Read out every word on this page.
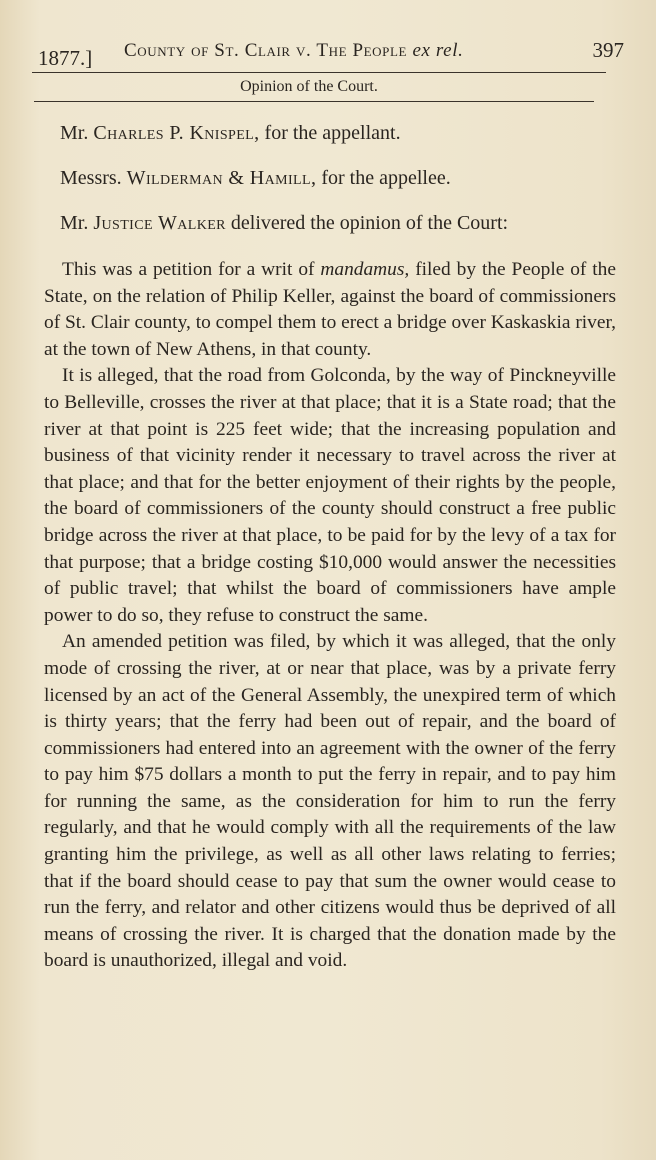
1877.] County of St. Clair v. The People ex rel.	397
Opinion of the Court.
Mr. Charles P. Knispel, for the appellant.
Messrs. Wilderman & Hamill, for the appellee.
Mr. Justice Walker delivered the opinion of the Court:

This was a petition for a writ of mandamus, filed by the People of the State, on the relation of Philip Keller, against the board of commissioners of St. Clair county, to compel them to erect a bridge over Kaskaskia river, at the town of New Athens, in that county.

It is alleged, that the road from Golconda, by the way of Pinckneyville to Belleville, crosses the river at that place; that it is a State road; that the river at that point is 225 feet wide; that the increasing population and business of that vicinity render it necessary to travel across the river at that place; and that for the better enjoyment of their rights by the people, the board of commissioners of the county should construct a free public bridge across the river at that place, to be paid for by the levy of a tax for that purpose; that a bridge costing $10,000 would answer the necessities of public travel; that whilst the board of commissioners have ample power to do so, they refuse to construct the same.

An amended petition was filed, by which it was alleged, that the only mode of crossing the river, at or near that place, was by a private ferry licensed by an act of the General Assembly, the unexpired term of which is thirty years; that the ferry had been out of repair, and the board of commissioners had entered into an agreement with the owner of the ferry to pay him $75 dollars a month to put the ferry in repair, and to pay him for running the same, as the consideration for him to run the ferry regularly, and that he would comply with all the requirements of the law granting him the privilege, as well as all other laws relating to ferries; that if the board should cease to pay that sum the owner would cease to run the ferry, and relator and other citizens would thus be deprived of all means of crossing the river. It is charged that the donation made by the board is unauthorized, illegal and void.
